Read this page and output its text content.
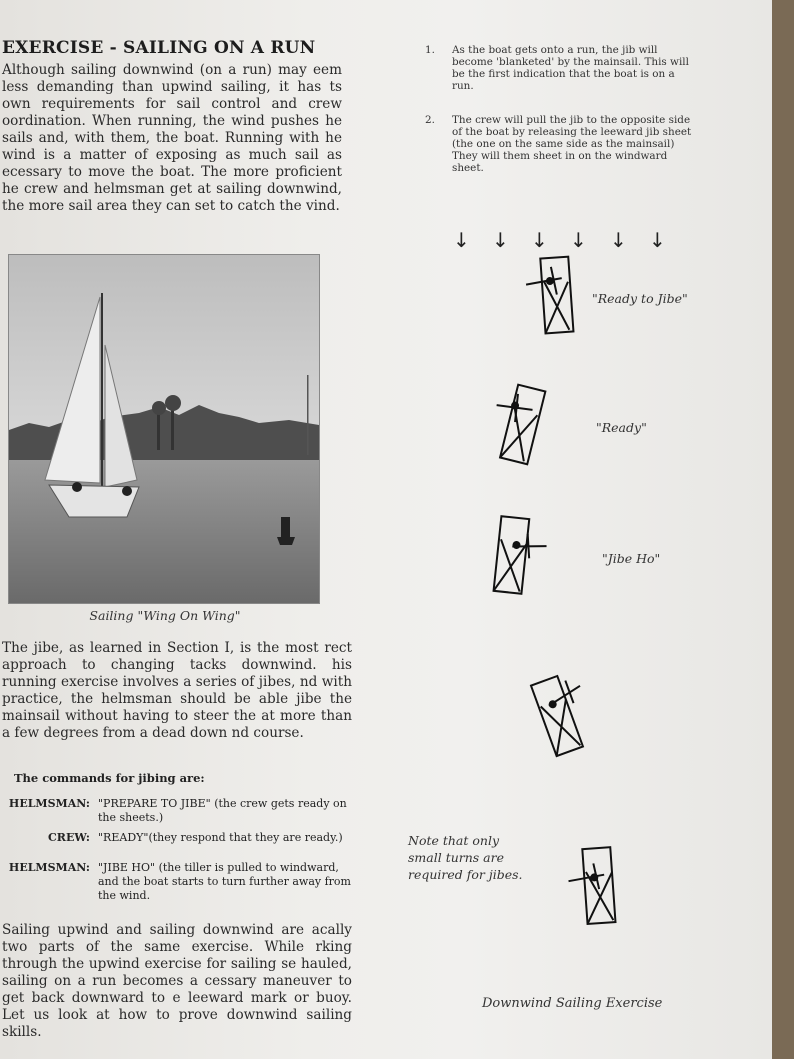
EXERCISE - SAILING ON A RUN

Although sailing downwind (on a run) may eem less demanding than upwind sailing, it has ts own requirements for sail control and crew oordination. When running, the wind pushes he sails and, with them, the boat. Running with he wind is a matter of exposing as much sail as ecessary to move the boat. The more proficient he crew and helmsman get at sailing downwind, the more sail area they can set to catch the vind.

Sailing "Wing On Wing"

The jibe, as learned in Section I, is the most rect approach to changing tacks downwind. his running exercise involves a series of jibes, nd with practice, the helmsman should be able jibe the mainsail without having to steer the at more than a few degrees from a dead down nd course.

The commands for jibing are:
HELMSMAN: "PREPARE TO JIBE" (the crew gets ready on the sheets.)
CREW: "READY"(they respond that they are ready.)
HELMSMAN: "JIBE HO" (the tiller is pulled to windward, and the boat starts to turn further away from the wind.

Sailing upwind and sailing downwind are acally two parts of the same exercise. While rking through the upwind exercise for sailing se hauled, sailing on a run becomes a cessary maneuver to get back downward to e leeward mark or buoy. Let us look at how to prove downwind sailing skills.

1. As the boat gets onto a run, the jib will become 'blanketed' by the mainsail. This will be the first indication that the boat is on a run.
2. The crew will pull the jib to the opposite side of the boat by releasing the leeward jib sheet (the one on the same side as the mainsail) They will them sheet in on the windward sheet.
↓ ↓ ↓ ↓ ↓ ↓
"Ready to Jibe"
"Ready"
"Jibe Ho"
Note that only small turns are required for jibes.
Downwind Sailing Exercise
